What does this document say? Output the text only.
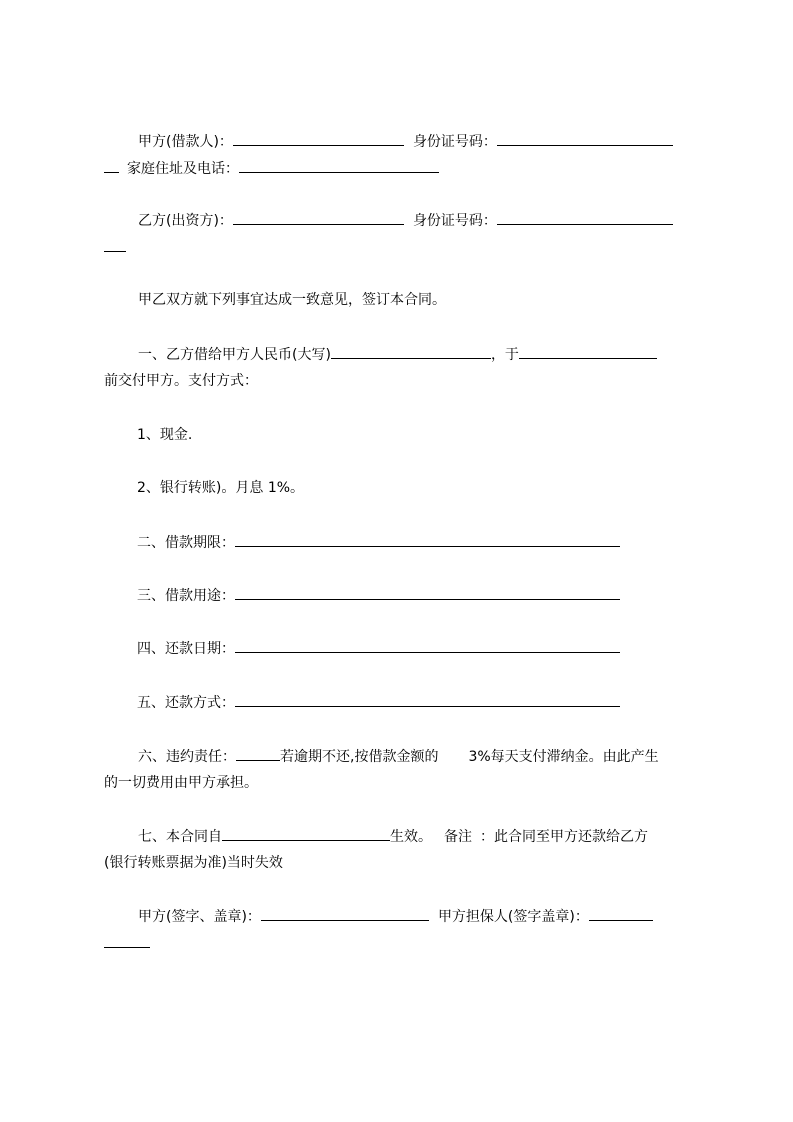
甲方(借款人)：	身份证号码：
家庭住址及电话：
乙方(出资方)：	身份证号码：
甲乙双方就下列事宜达成一致意见，签订本合同。
一、乙方借给甲方人民币(大写)	，于
前交付甲方。支付方式：
1、现金.
2、银行转账)。月息 1%。
二、借款期限：
三、借款用途：
四、还款日期：
五、还款方式：
六、违约责任：	若逾期不还,按借款金额的 3%每天支付滞纳金。由此产生
的一切费用由甲方承担。
七、本合同自	生效。 备注 ：此合同至甲方还款给乙方
(银行转账票据为准)当时失效
甲方(签字、盖章)：	甲方担保人(签字盖章)：
